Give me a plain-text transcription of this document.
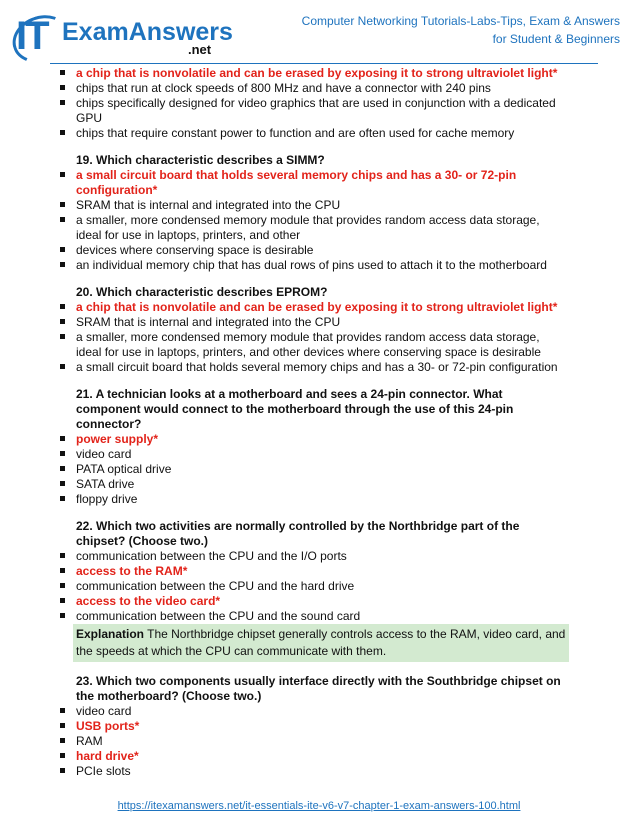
IT ExamAnswers
.net
Computer Networking Tutorials-Labs-Tips, Exam & Answers
for Student & Beginners
a chip that is nonvolatile and can be erased by exposing it to strong ultraviolet light*
chips that run at clock speeds of 800 MHz and have a connector with 240 pins
chips specifically designed for video graphics that are used in conjunction with a dedicated GPU
chips that require constant power to function and are often used for cache memory
19. Which characteristic describes a SIMM?
a small circuit board that holds several memory chips and has a 30- or 72-pin configuration*
SRAM that is internal and integrated into the CPU
a smaller, more condensed memory module that provides random access data storage, ideal for use in laptops, printers, and other
devices where conserving space is desirable
an individual memory chip that has dual rows of pins used to attach it to the motherboard
20. Which characteristic describes EPROM?
a chip that is nonvolatile and can be erased by exposing it to strong ultraviolet light*
SRAM that is internal and integrated into the CPU
a smaller, more condensed memory module that provides random access data storage, ideal for use in laptops, printers, and other devices where conserving space is desirable
a small circuit board that holds several memory chips and has a 30- or 72-pin configuration
21. A technician looks at a motherboard and sees a 24-pin connector. What component would connect to the motherboard through the use of this 24-pin connector?
power supply*
video card
PATA optical drive
SATA drive
floppy drive
22. Which two activities are normally controlled by the Northbridge part of the chipset? (Choose two.)
communication between the CPU and the I/O ports
access to the RAM*
communication between the CPU and the hard drive
access to the video card*
communication between the CPU and the sound card
Explanation The Northbridge chipset generally controls access to the RAM, video card, and the speeds at which the CPU can communicate with them.
23. Which two components usually interface directly with the Southbridge chipset on the motherboard? (Choose two.)
video card
USB ports*
RAM
hard drive*
PCIe slots
https://itexamanswers.net/it-essentials-ite-v6-v7-chapter-1-exam-answers-100.html
